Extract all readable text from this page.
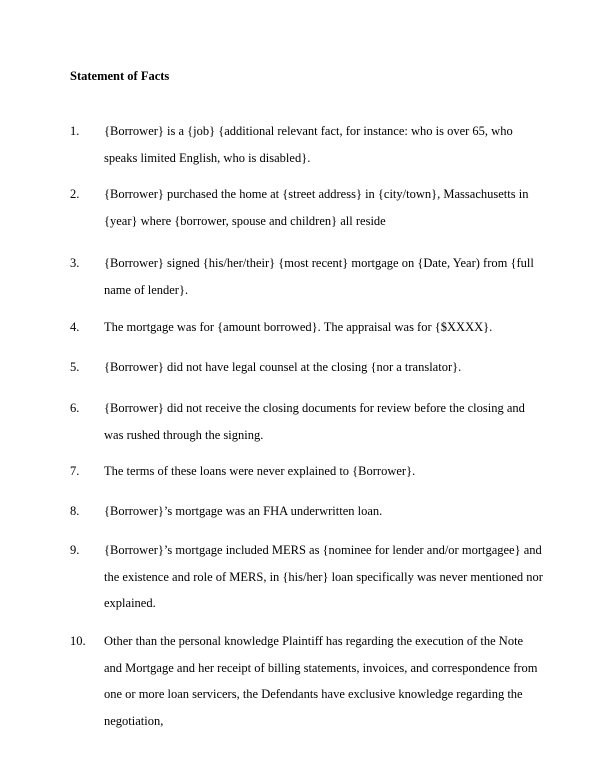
Statement of Facts
1. {Borrower} is a {job} {additional relevant fact, for instance: who is over 65, who speaks limited English, who is disabled}.
2. {Borrower} purchased the home at {street address} in {city/town}, Massachusetts in {year} where {borrower, spouse and children} all reside
3. {Borrower} signed {his/her/their} {most recent} mortgage on {Date, Year) from {full name of lender}.
4. The mortgage was for {amount borrowed}. The appraisal was for {$XXXX}.
5. {Borrower} did not have legal counsel at the closing {nor a translator}.
6. {Borrower} did not receive the closing documents for review before the closing and was rushed through the signing.
7. The terms of these loans were never explained to {Borrower}.
8. {Borrower}’s mortgage was an FHA underwritten loan.
9. {Borrower}’s mortgage included MERS as {nominee for lender and/or mortgagee} and the existence and role of MERS, in {his/her} loan specifically was never mentioned nor explained.
10. Other than the personal knowledge Plaintiff has regarding the execution of the Note and Mortgage and her receipt of billing statements, invoices, and correspondence from one or more loan servicers, the Defendants have exclusive knowledge regarding the negotiation,
